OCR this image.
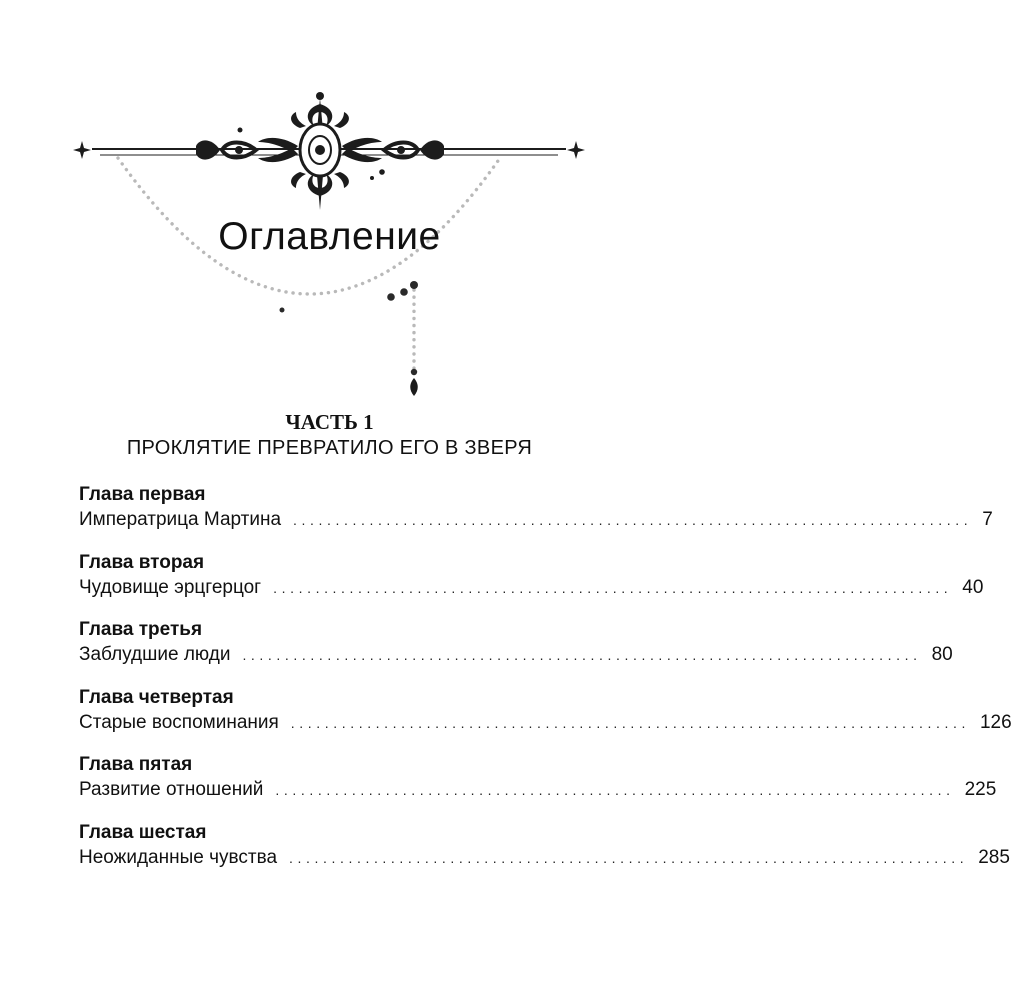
Оглавление
ЧАСТЬ 1
ПРОКЛЯТИЕ ПРЕВРАТИЛО ЕГО В ЗВЕРЯ
Глава первая
Императрица Мартина ................................................................................ 7
Глава вторая
Чудовище эрцгерцог ................................................................................ 40
Глава третья
Заблудшие люди ................................................................................ 80
Глава четвертая
Старые воспоминания ................................................................................ 126
Глава пятая
Развитие отношений ................................................................................ 225
Глава шестая
Неожиданные чувства ................................................................................ 285
